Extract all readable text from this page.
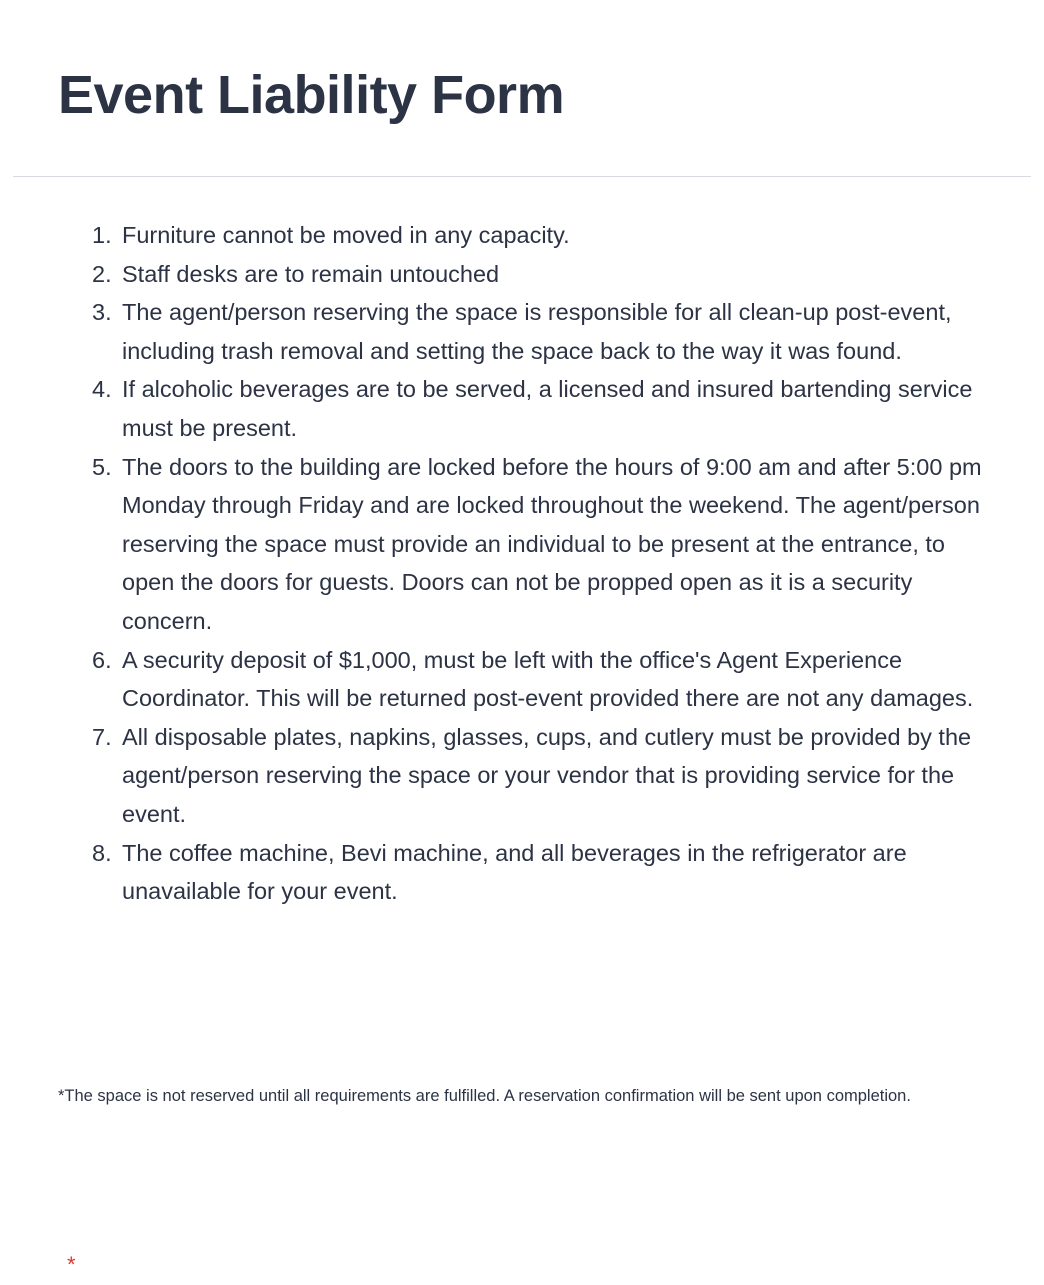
Event Liability Form
1. Furniture cannot be moved in any capacity.
2. Staff desks are to remain untouched
3. The agent/person reserving the space is responsible for all clean-up post-event, including trash removal and setting the space back to the way it was found.
4. If alcoholic beverages are to be served, a licensed and insured bartending service must be present.
5. The doors to the building are locked before the hours of 9:00 am and after 5:00 pm Monday through Friday and are locked throughout the weekend. The agent/person reserving the space must provide an individual to be present at the entrance, to open the doors for guests. Doors can not be propped open as it is a security concern.
6. A security deposit of $1,000, must be left with the office's Agent Experience Coordinator. This will be returned post-event provided there are not any damages.
7. All disposable plates, napkins, glasses, cups, and cutlery must be provided by the agent/person reserving the space or your vendor that is providing service for the event.
8. The coffee machine, Bevi machine, and all beverages in the refrigerator are unavailable for your event.

*The space is not reserved until all requirements are fulfilled. A reservation confirmation will be sent upon completion.

*
